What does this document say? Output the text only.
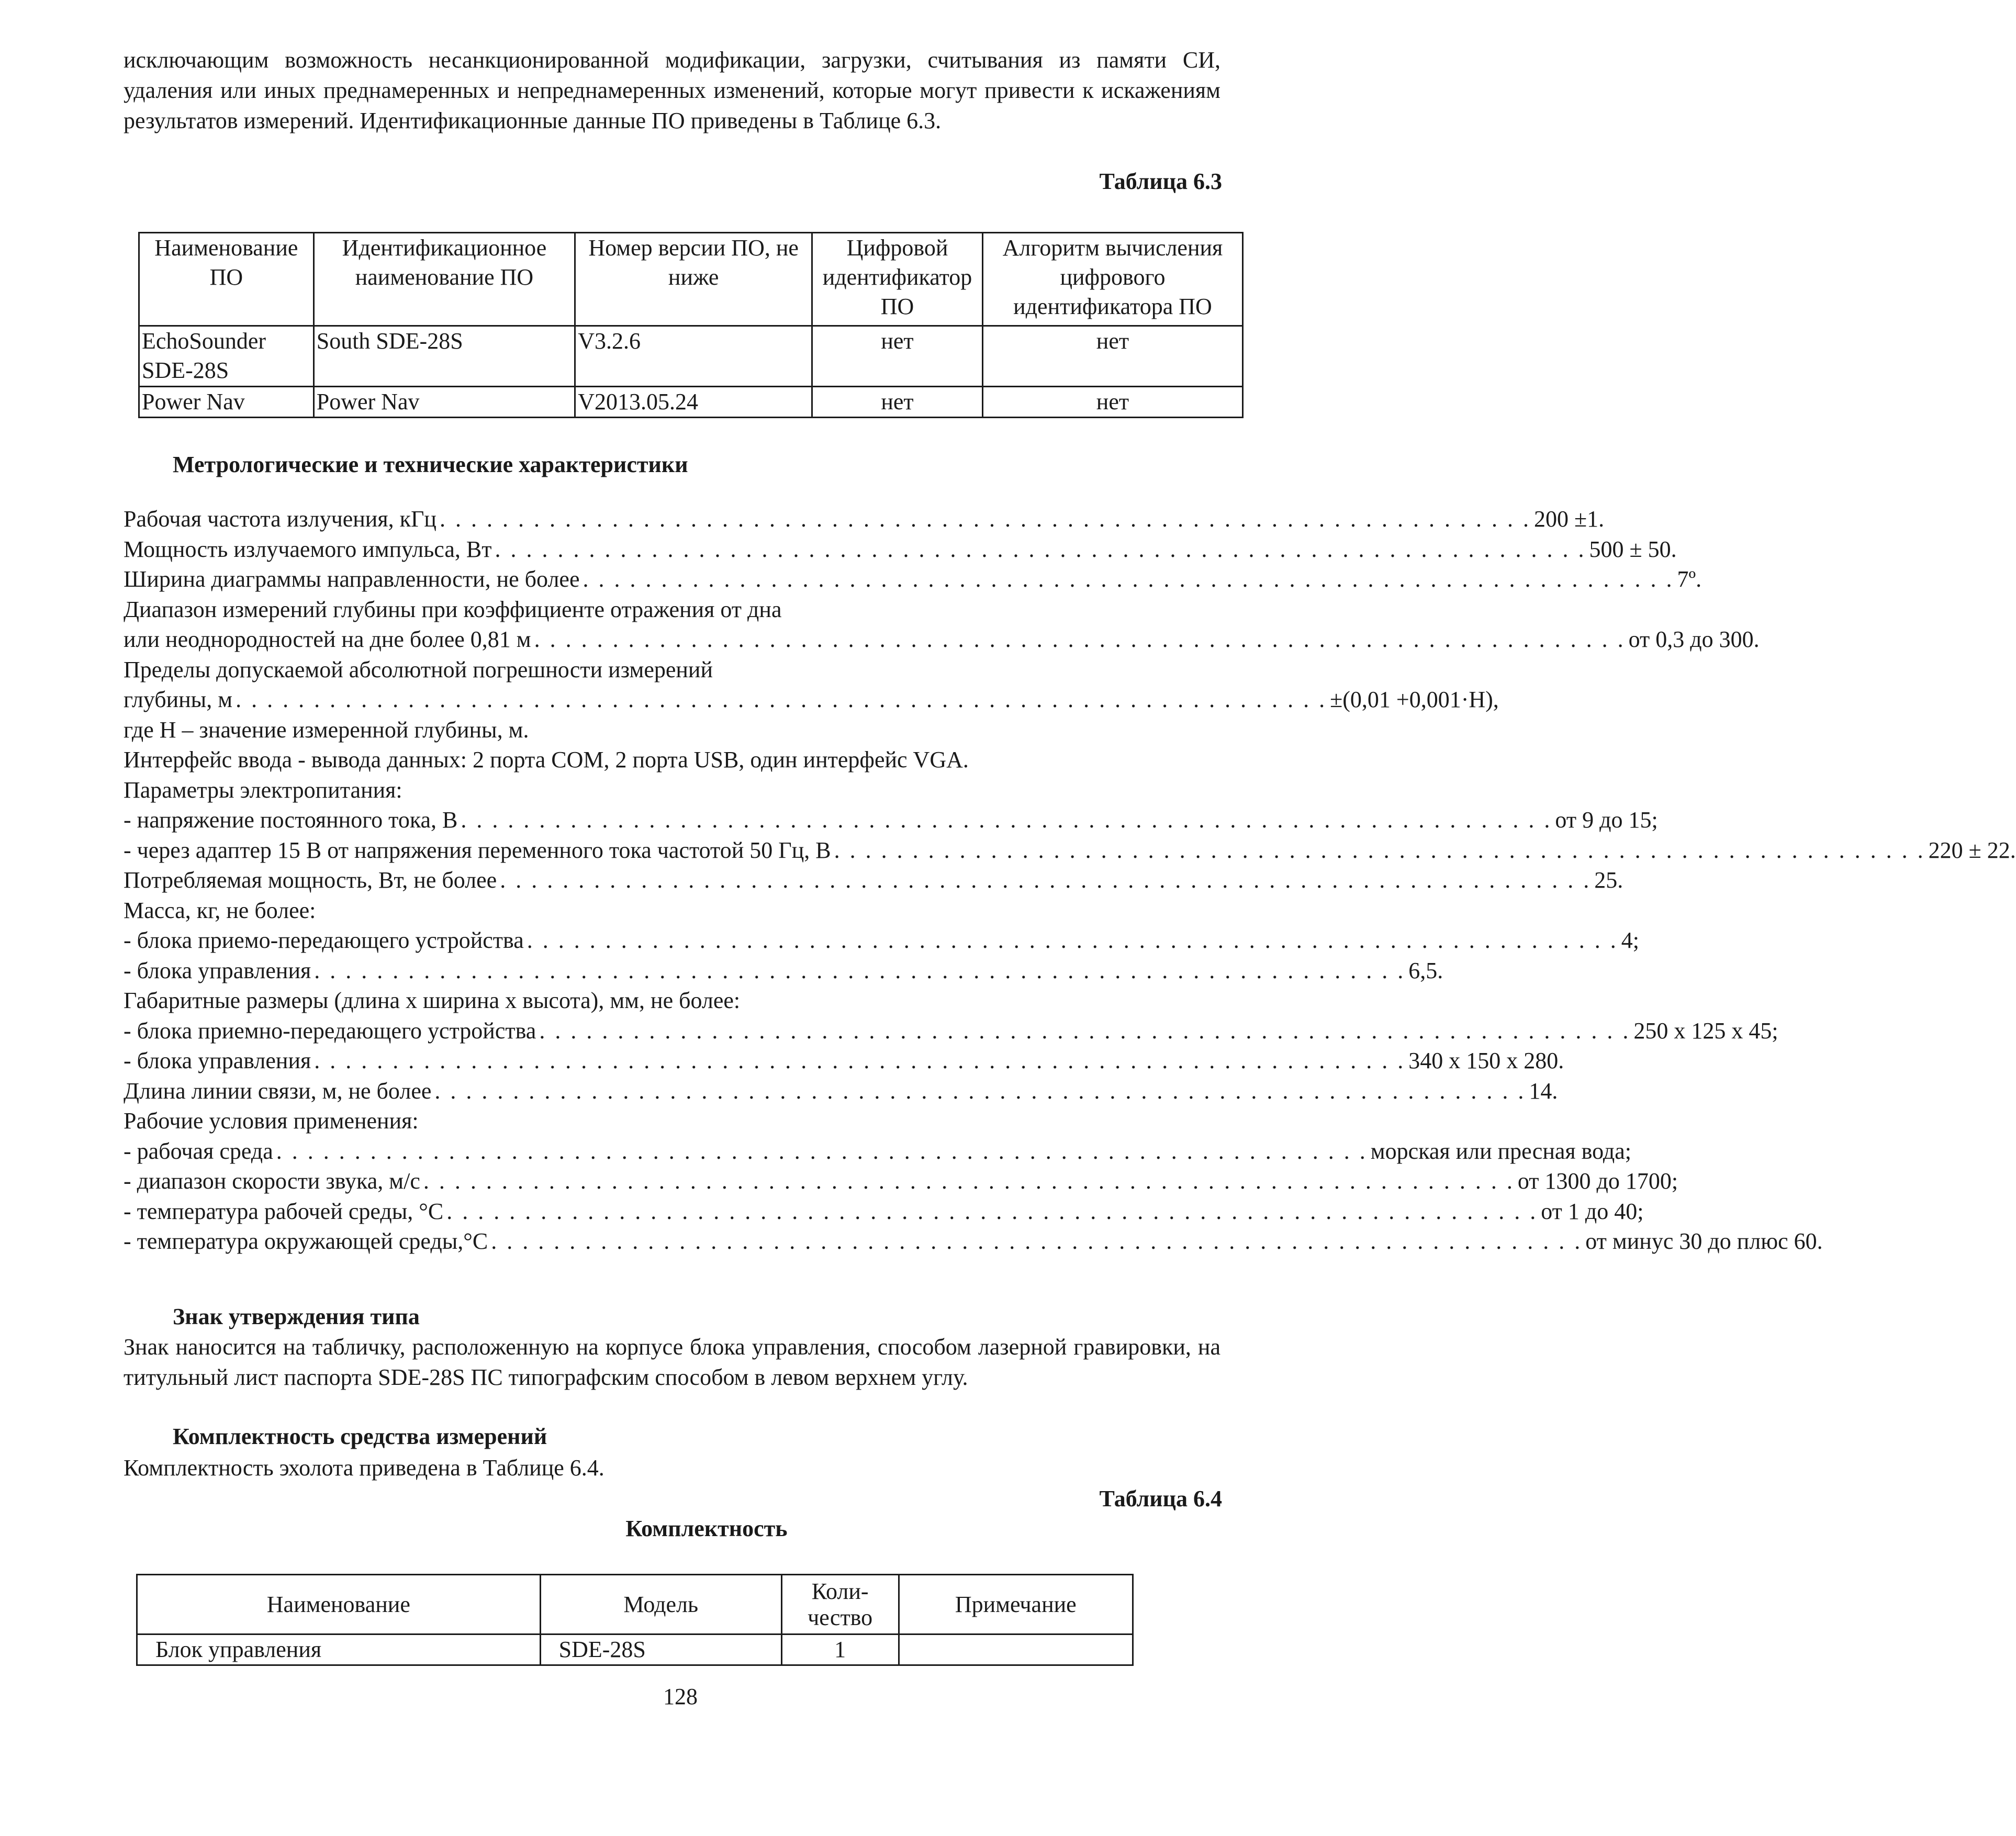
исключающим возможность несанкционированной модификации, загрузки, считывания из памяти СИ, удаления или иных преднамеренных и непреднамеренных изменений, которые могут привести к искажениям результатов измерений. Идентификационные данные ПО приведены в Таблице 6.3.

Таблица 6.3
Наименование ПО	Идентификационное наименование ПО	Номер версии ПО, не ниже	Цифровой идентификатор ПО	Алгоритм вычисления цифрового идентификатора ПО
EchoSounder SDE-28S	South SDE-28S	V3.2.6	нет	нет
Power Nav	Power Nav	V2013.05.24	нет	нет
Метрологические и технические характеристики
Рабочая частота излучения, кГц . . . . . . . . . . . . . . . . . . . . . . . . . . . . . . . . . . . . . . . . . . . . . . . . . . . . . . . . . . . . . . . . . . . . . . 200 ±1.
Мощность излучаемого импульса, Вт . . . . . . . . . . . . . . . . . . . . . . . . . . . . . . . . . . . . . . . . . . . . . . . . . . . . . . . . . . . . . . . . . . . . . . 500 ± 50.
Ширина диаграммы направленности, не более . . . . . . . . . . . . . . . . . . . . . . . . . . . . . . . . . . . . . . . . . . . . . . . . . . . . . . . . . . . . . . . . . . . . . . 7º.
Диапазон измерений глубины при коэффициенте отражения от дна
или неоднородностей на дне более 0,81 м . . . . . . . . . . . . . . . . . . . . . . . . . . . . . . . . . . . . . . . . . . . . . . . . . . . . . . . . . . . . . . . . . . . . . . от 0,3 до 300.
Пределы допускаемой абсолютной погрешности измерений
глубины, м . . . . . . . . . . . . . . . . . . . . . . . . . . . . . . . . . . . . . . . . . . . . . . . . . . . . . . . . . . . . . . . . . . . . . . ±(0,01 +0,001·H),
где H – значение измеренной глубины, м.
Интерфейс ввода - вывода данных: 2 порта COM, 2 порта USB, один интерфейс VGA.
Параметры электропитания:
- напряжение постоянного тока, В . . . . . . . . . . . . . . . . . . . . . . . . . . . . . . . . . . . . . . . . . . . . . . . . . . . . . . . . . . . . . . . . . . . . . . от 9 до 15;
- через адаптер 15 В от напряжения переменного тока частотой 50 Гц, В . . . . . . . . . . . . . . . . . . . . . . . . . . . . . . . . . . . . . . . . . . . . . . . . . . . . . . . . . . . . . . . . . . . . . . 220 ± 22.
Потребляемая мощность, Вт, не более . . . . . . . . . . . . . . . . . . . . . . . . . . . . . . . . . . . . . . . . . . . . . . . . . . . . . . . . . . . . . . . . . . . . . . 25.
Масса, кг, не более:
- блока приемо-передающего устройства . . . . . . . . . . . . . . . . . . . . . . . . . . . . . . . . . . . . . . . . . . . . . . . . . . . . . . . . . . . . . . . . . . . . . . 4;
- блока управления . . . . . . . . . . . . . . . . . . . . . . . . . . . . . . . . . . . . . . . . . . . . . . . . . . . . . . . . . . . . . . . . . . . . . . 6,5.
Габаритные размеры (длина х ширина х высота), мм, не более:
- блока приемно-передающего устройства . . . . . . . . . . . . . . . . . . . . . . . . . . . . . . . . . . . . . . . . . . . . . . . . . . . . . . . . . . . . . . . . . . . . . . 250 х 125 х 45;
- блока управления . . . . . . . . . . . . . . . . . . . . . . . . . . . . . . . . . . . . . . . . . . . . . . . . . . . . . . . . . . . . . . . . . . . . . . 340 х 150 х 280.
Длина линии связи, м, не более . . . . . . . . . . . . . . . . . . . . . . . . . . . . . . . . . . . . . . . . . . . . . . . . . . . . . . . . . . . . . . . . . . . . . . 14.
Рабочие условия применения:
- рабочая среда . . . . . . . . . . . . . . . . . . . . . . . . . . . . . . . . . . . . . . . . . . . . . . . . . . . . . . . . . . . . . . . . . . . . . . морская или пресная вода;
- диапазон скорости звука, м/с . . . . . . . . . . . . . . . . . . . . . . . . . . . . . . . . . . . . . . . . . . . . . . . . . . . . . . . . . . . . . . . . . . . . . . от 1300 до 1700;
- температура рабочей среды, °С . . . . . . . . . . . . . . . . . . . . . . . . . . . . . . . . . . . . . . . . . . . . . . . . . . . . . . . . . . . . . . . . . . . . . . от 1 до 40;
- температура окружающей среды,°С . . . . . . . . . . . . . . . . . . . . . . . . . . . . . . . . . . . . . . . . . . . . . . . . . . . . . . . . . . . . . . . . . . . . . . от минус 30 до плюс 60.
Знак утверждения типа

Знак наносится на табличку, расположенную на корпусе блока управления, способом лазерной гравировки, на титульный лист паспорта SDE-28S ПС типографским способом в левом верхнем углу.

Комплектность средства измерений
Комплектность эхолота приведена в Таблице 6.4.
Таблица 6.4
Комплектность
Наименование	Модель	Коли-чество	Примечание
Блок управления	SDE-28S	1	
128
